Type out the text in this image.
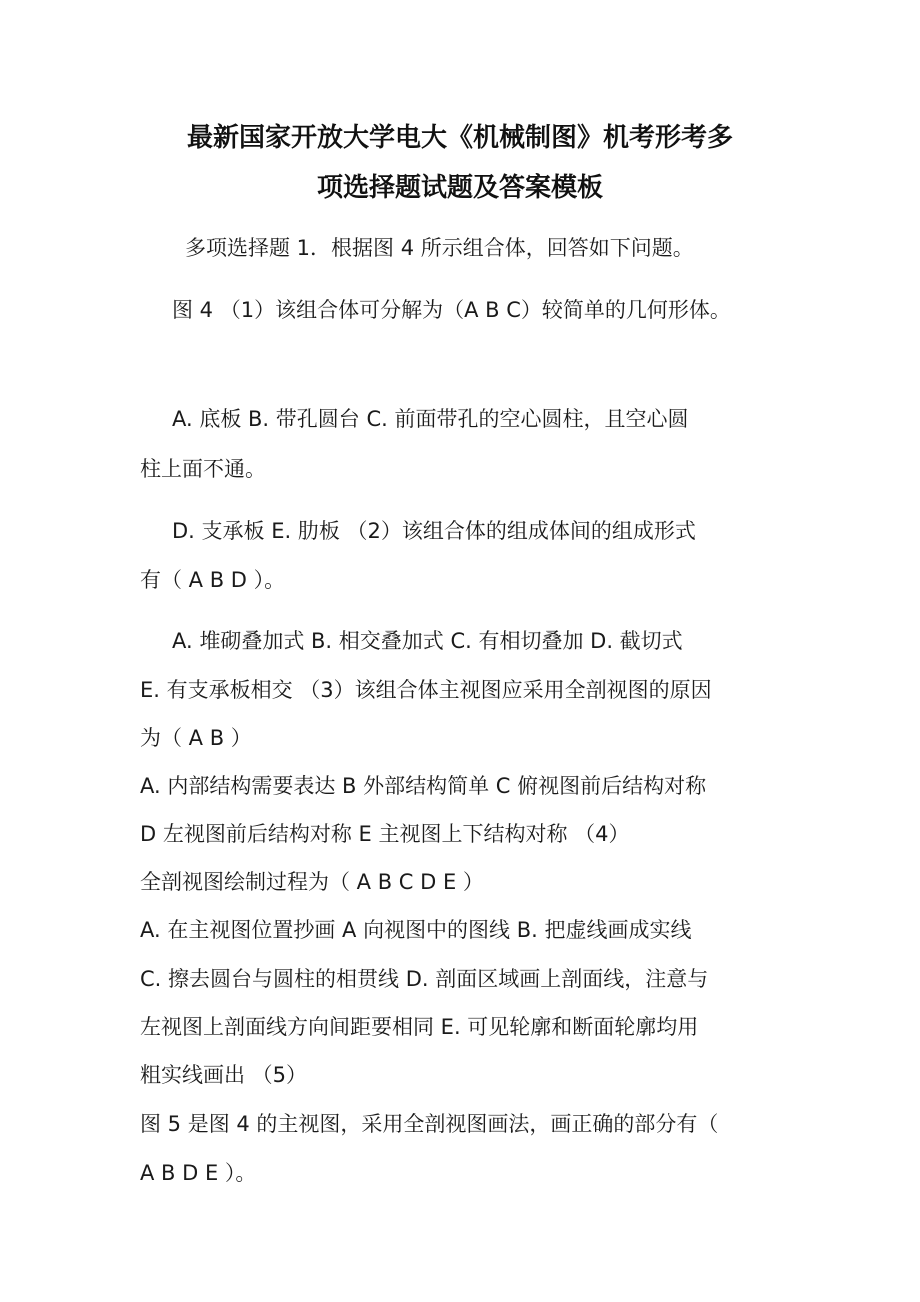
最新国家开放大学电大《机械制图》机考形考多
项选择题试题及答案模板
多项选择题 1．根据图 4 所示组合体，回答如下问题。
图 4 （1）该组合体可分解为（A B C）较简单的几何形体。
A. 底板 B. 带孔圆台 C. 前面带孔的空心圆柱，且空心圆
柱上面不通。
D. 支承板 E. 肋板 （2）该组合体的组成体间的组成形式
有（ A B D ）。
A. 堆砌叠加式 B. 相交叠加式 C. 有相切叠加 D. 截切式
E. 有支承板相交 （3）该组合体主视图应采用全剖视图的原因
为（ A B ）
A. 内部结构需要表达 B 外部结构简单 C 俯视图前后结构对称
D 左视图前后结构对称 E 主视图上下结构对称 （4）
全剖视图绘制过程为（ A B C D E ）
A. 在主视图位置抄画 A 向视图中的图线 B. 把虚线画成实线
C. 擦去圆台与圆柱的相贯线 D. 剖面区域画上剖面线，注意与
左视图上剖面线方向间距要相同 E. 可见轮廓和断面轮廓均用
粗实线画出 （5）
图 5 是图 4 的主视图，采用全剖视图画法，画正确的部分有（
A B D E ）。
